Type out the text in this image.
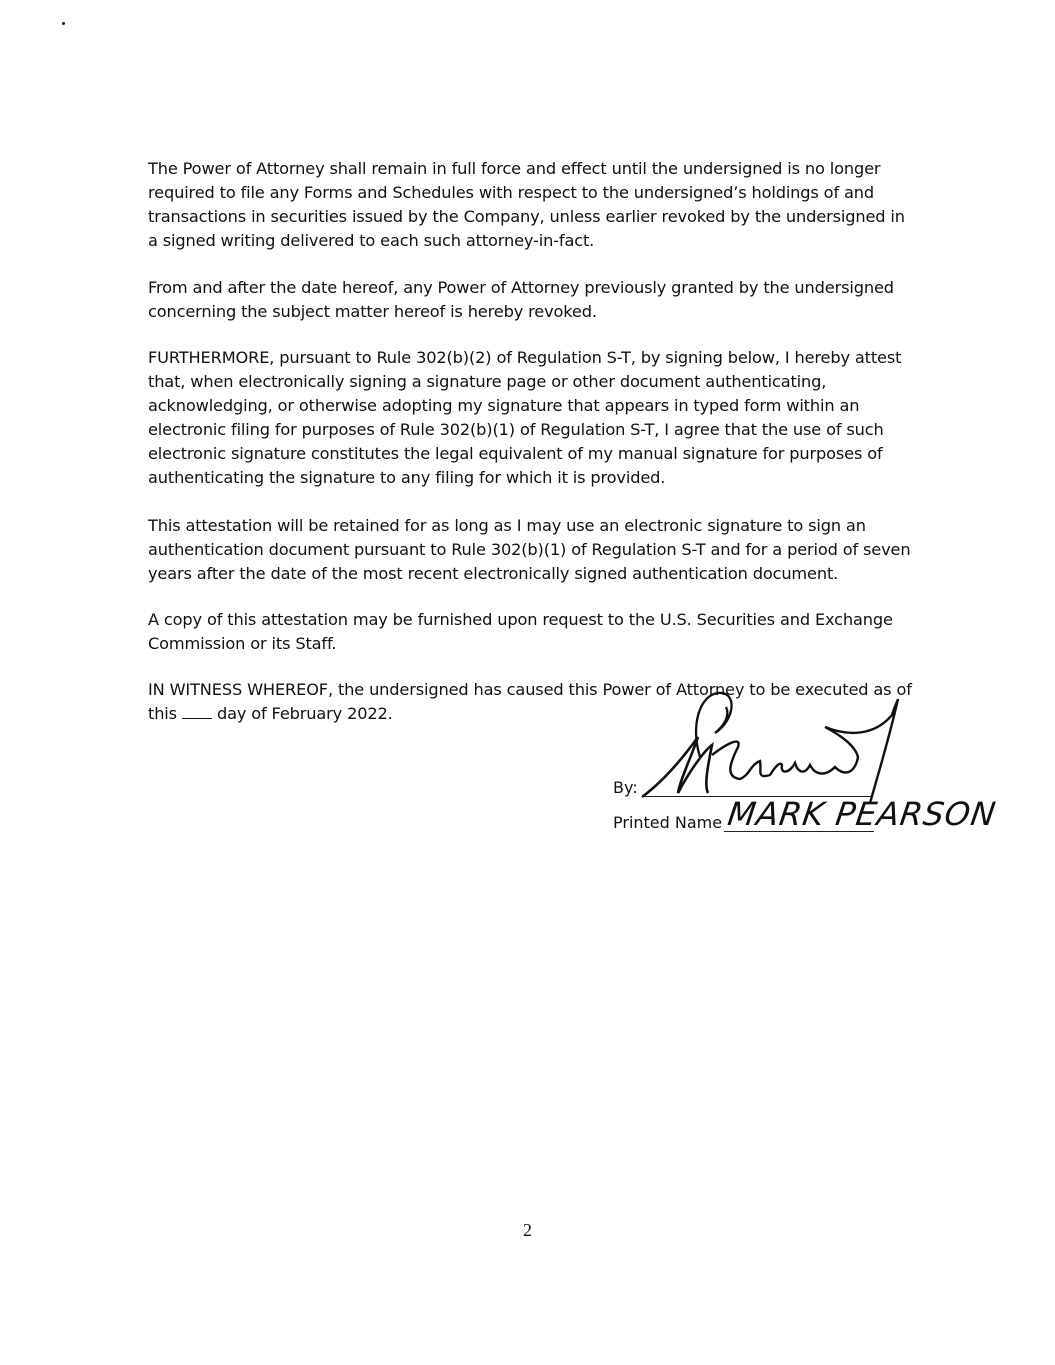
The Power of Attorney shall remain in full force and effect until the undersigned is no longer required to file any Forms and Schedules with respect to the undersigned’s holdings of and transactions in securities issued by the Company, unless earlier revoked by the undersigned in a signed writing delivered to each such attorney-in-fact.

From and after the date hereof, any Power of Attorney previously granted by the undersigned concerning the subject matter hereof is hereby revoked.

FURTHERMORE, pursuant to Rule 302(b)(2) of Regulation S-T, by signing below, I hereby attest that, when electronically signing a signature page or other document authenticating, acknowledging, or otherwise adopting my signature that appears in typed form within an electronic filing for purposes of Rule 302(b)(1) of Regulation S-T, I agree that the use of such electronic signature constitutes the legal equivalent of my manual signature for purposes of authenticating the signature to any filing for which it is provided.

This attestation will be retained for as long as I may use an electronic signature to sign an authentication document pursuant to Rule 302(b)(1) of Regulation S-T and for a period of seven years after the date of the most recent electronically signed authentication document.

A copy of this attestation may be furnished upon request to the U.S. Securities and Exchange Commission or its Staff.

IN WITNESS WHEREOF, the undersigned has caused this Power of Attorney to be executed as of
this day of February 2022.

By:
Printed Name MARK PEARSON
2
